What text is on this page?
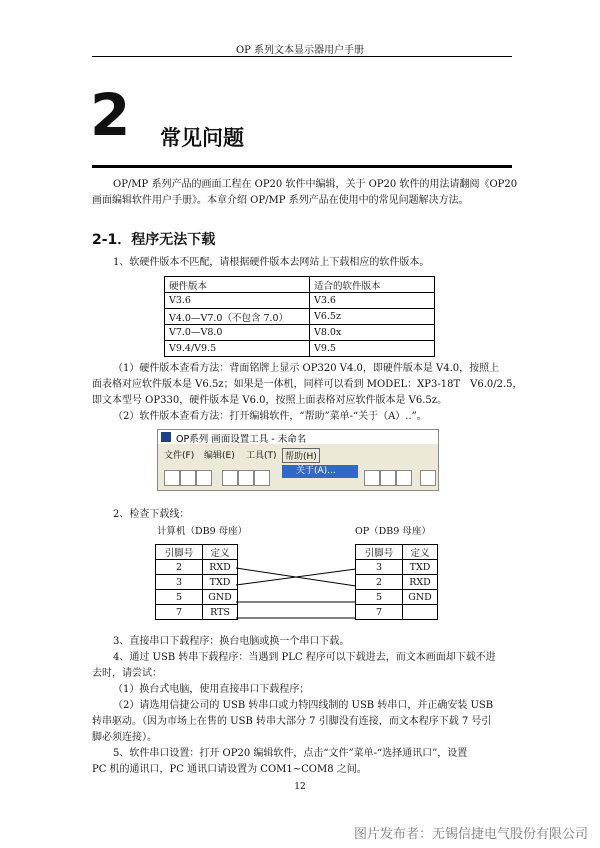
OP 系列文本显示器用户手册
2 常见问题
OP/MP 系列产品的画面工程在 OP20 软件中编辑，关于 OP20 软件的用法请翻阅《OP20
画面编辑软件用户手册》。本章介绍 OP/MP 系列产品在使用中的常见问题解决方法。
2-1．程序无法下载
1、软硬件版本不匹配，请根据硬件版本去网站上下载相应的软件版本。
硬件版本	适合的软件版本
V3.6	V3.6
V4.0—V7.0（不包含 7.0）	V6.5z
V7.0—V8.0	V8.0x
V9.4/V9.5	V9.5
（1）硬件版本查看方法：背面铭牌上显示 OP320 V4.0，即硬件版本是 V4.0，按照上
面表格对应软件版本是 V6.5z；如果是一体机，同样可以看到 MODEL：XP3-18T　V6.0/2.5，
即文本型号 OP330，硬件版本是 V6.0，按照上面表格对应软件版本是 V6.5z。
（2）软件版本查看方法：打开编辑软件，“帮助”菜单-“关于（A）..”。
OP系列 画面设置工具 - 未命名
文件(F) 编辑(E) 工具(T) 帮助(H)
关于(A)...
2、检查下载线：
计算机（DB9 母座）	OP（DB9 母座）
引脚号	定义
2	RXD
3	TXD
5	GND
7	RTS
引脚号	定义
3	TXD
2	RXD
5	GND
7	
3、直接串口下载程序：换台电脑或换一个串口下载。
4、通过 USB 转串下载程序：当遇到 PLC 程序可以下载进去，而文本画面却下载不进
去时，请尝试：
（1）换台式电脑，使用直接串口下载程序；
（2）请选用信捷公司的 USB 转串口或力特四线制的 USB 转串口，并正确安装 USB
转串驱动。（因为市场上在售的 USB 转串大部分 7 引脚没有连接，而文本程序下载 7 号引
脚必须连接）。
5、软件串口设置：打开 OP20 编辑软件，点击“文件”菜单-“选择通讯口”，设置
PC 机的通讯口，PC 通讯口请设置为 COM1~COM8 之间。
12
图片发布者：无锡信捷电气股份有限公司
